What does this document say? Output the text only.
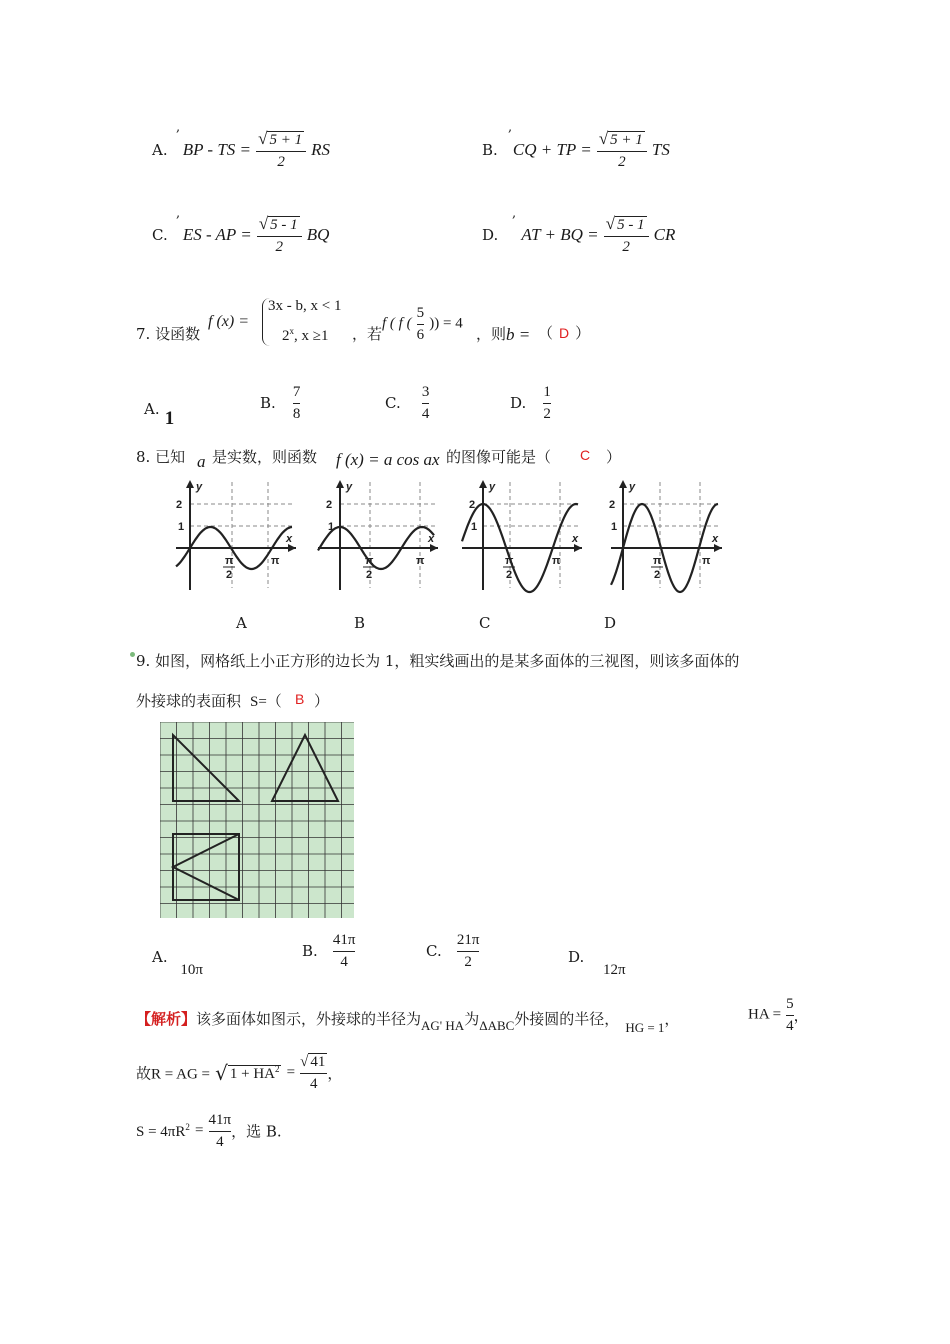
,	,
,	,
A. BP - TS = $\frac{√ 5 + 1}{2}$ RS	B. CQ + TP = $\frac{√ 5 + 1}{2}$ TS
C. ES - AP = $\frac{√ 5 - 1}{2}$ BQ	D. AT + BQ = $\frac{√ 5 - 1}{2}$ CR
7. 设函数
f (x) =
3x - b, x < 1
2$^x$, x ≥1 ，若
f ( f ( $\frac{5}{6}$ )) = 4
，则 b = （ D ）
A. 1
B. $\frac{7}{8}$	C. $\frac{3}{4}$	D. $\frac{1}{2}$
8. 已知 a 是实数，则函数 f (x) = a cos ax 的图像可能是（ C ）
y
x
2
1
π
2
π
y
x
2
1
π
2
π
y
x
2
1
π
2
π
y
x
2
1
π
2
π
A	B	C	D
9. 如图，网格纸上小正方形的边长为 1，粗实线画出的是某多面体的三视图，则该多面体的
外接球的表面积 S=（ B ）
A. 10π
B. $\frac{41\pi}{4}$	C. $\frac{21\pi}{2}$	D. 12π
【解析】该多面体如图示，外接球的半径为AG' HA为ΔABC外接圆的半径， HG = 1，	HA = $\frac{5}{4}$ ，
故R = AG = √ $1 + HA^2 = \frac{√ 41}{4}$ ，
$S = 4\pi R^2 = \frac{41\pi}{4}$ ，选 B.
